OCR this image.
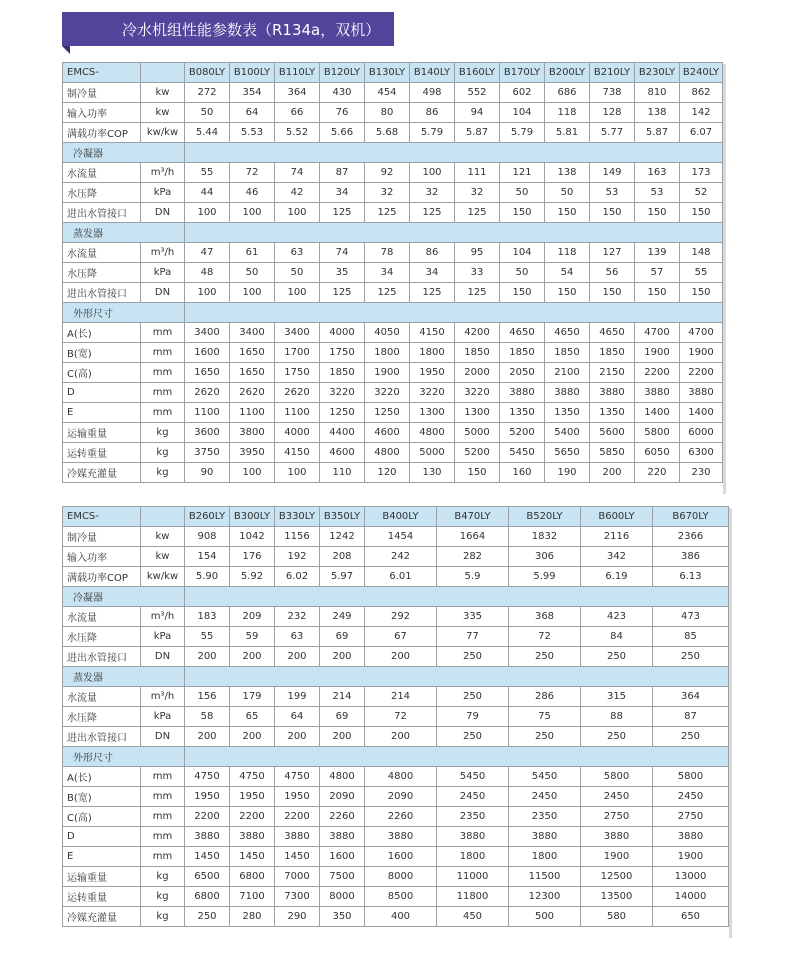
冷水机组性能参数表（R134a，双机）
EMCS-		B080LY	B100LY	B110LY	B120LY	B130LY	B140LY	B160LY	B170LY	B200LY	B210LY	B230LY	B240LY
制冷量	kw	272	354	364	430	454	498	552	602	686	738	810	862
输入功率	kw	50	64	66	76	80	86	94	104	118	128	138	142
满载功率COP	kw/kw	5.44	5.53	5.52	5.66	5.68	5.79	5.87	5.79	5.81	5.77	5.87	6.07
冷凝器													
水流量	m³/h	55	72	74	87	92	100	111	121	138	149	163	173
水压降	kPa	44	46	42	34	32	32	32	50	50	53	53	52
进出水管接口	DN	100	100	100	125	125	125	125	150	150	150	150	150
蒸发器													
水流量	m³/h	47	61	63	74	78	86	95	104	118	127	139	148
水压降	kPa	48	50	50	35	34	34	33	50	54	56	57	55
进出水管接口	DN	100	100	100	125	125	125	125	150	150	150	150	150
外形尺寸													
A(长)	mm	3400	3400	3400	4000	4050	4150	4200	4650	4650	4650	4700	4700
B(宽)	mm	1600	1650	1700	1750	1800	1800	1850	1850	1850	1850	1900	1900
C(高)	mm	1650	1650	1750	1850	1900	1950	2000	2050	2100	2150	2200	2200
D	mm	2620	2620	2620	3220	3220	3220	3220	3880	3880	3880	3880	3880
E	mm	1100	1100	1100	1250	1250	1300	1300	1350	1350	1350	1400	1400
运输重量	kg	3600	3800	4000	4400	4600	4800	5000	5200	5400	5600	5800	6000
运转重量	kg	3750	3950	4150	4600	4800	5000	5200	5450	5650	5850	6050	6300
冷媒充灌量	kg	90	100	100	110	120	130	150	160	190	200	220	230
EMCS-		B260LY	B300LY	B330LY	B350LY	B400LY	B470LY	B520LY	B600LY	B670LY
制冷量	kw	908	1042	1156	1242	1454	1664	1832	2116	2366
输入功率	kw	154	176	192	208	242	282	306	342	386
满载功率COP	kw/kw	5.90	5.92	6.02	5.97	6.01	5.9	5.99	6.19	6.13
冷凝器										
水流量	m³/h	183	209	232	249	292	335	368	423	473
水压降	kPa	55	59	63	69	67	77	72	84	85
进出水管接口	DN	200	200	200	200	200	250	250	250	250
蒸发器										
水流量	m³/h	156	179	199	214	214	250	286	315	364
水压降	kPa	58	65	64	69	72	79	75	88	87
进出水管接口	DN	200	200	200	200	200	250	250	250	250
外形尺寸										
A(长)	mm	4750	4750	4750	4800	4800	5450	5450	5800	5800
B(宽)	mm	1950	1950	1950	2090	2090	2450	2450	2450	2450
C(高)	mm	2200	2200	2200	2260	2260	2350	2350	2750	2750
D	mm	3880	3880	3880	3880	3880	3880	3880	3880	3880
E	mm	1450	1450	1450	1600	1600	1800	1800	1900	1900
运输重量	kg	6500	6800	7000	7500	8000	11000	11500	12500	13000
运转重量	kg	6800	7100	7300	8000	8500	11800	12300	13500	14000
冷媒充灌量	kg	250	280	290	350	400	450	500	580	650
